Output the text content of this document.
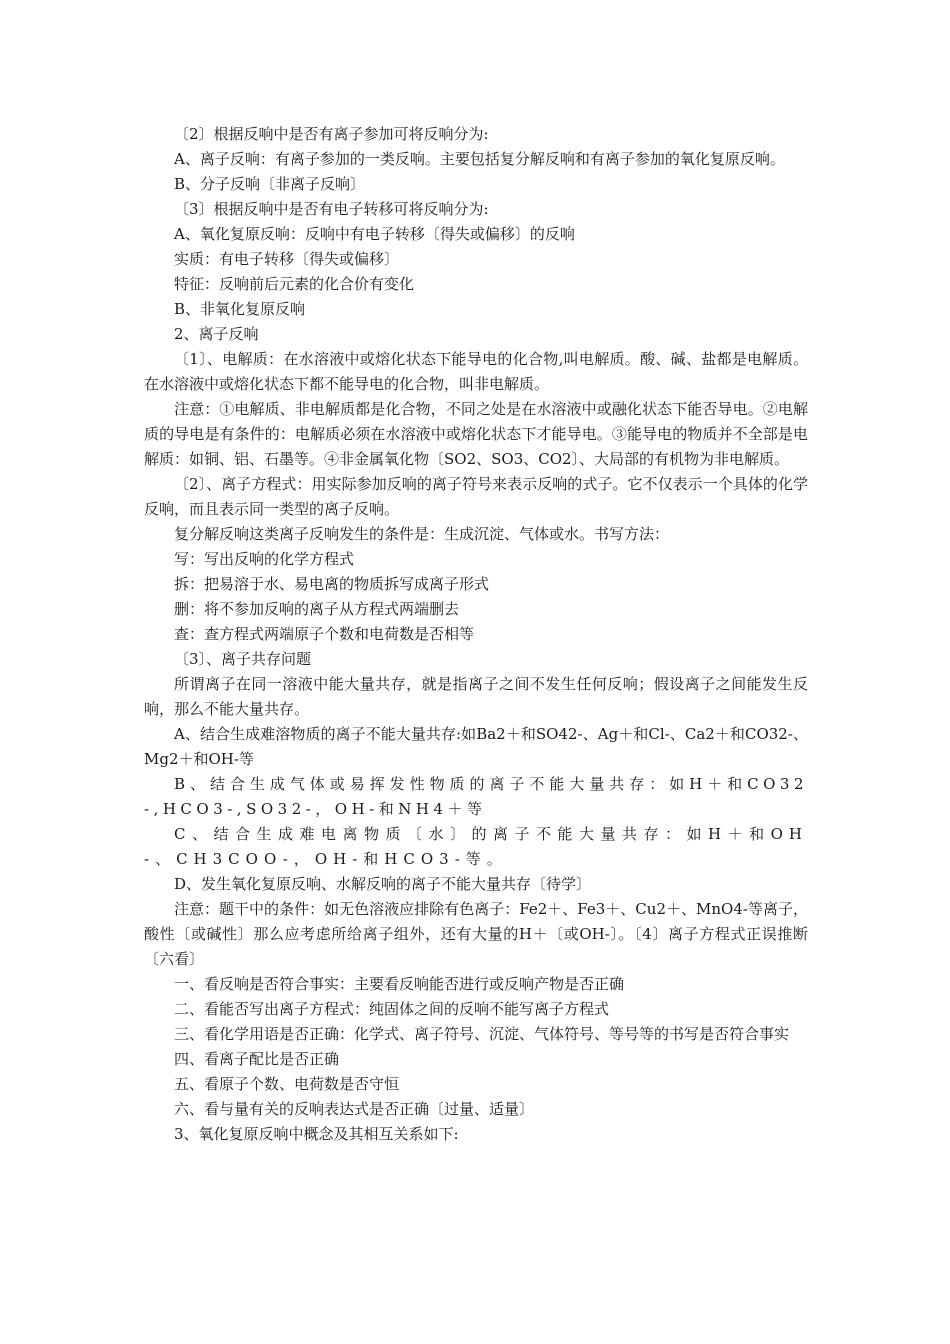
〔2〕根据反响中是否有离子参加可将反响分为:

A、离子反响：有离子参加的一类反响。主要包括复分解反响和有离子参加的氧化复原反响。

B、分子反响〔非离子反响〕

〔3〕根据反响中是否有电子转移可将反响分为:

A、氧化复原反响：反响中有电子转移〔得失或偏移〕的反响

实质：有电子转移〔得失或偏移〕

特征：反响前后元素的化合价有变化

B、非氧化复原反响

2、离子反响

〔1〕、电解质：在水溶液中或熔化状态下能导电的化合物,叫电解质。酸、碱、盐都是电解质。在水溶液中或熔化状态下都不能导电的化合物，叫非电解质。

注意：①电解质、非电解质都是化合物，不同之处是在水溶液中或融化状态下能否导电。②电解质的导电是有条件的：电解质必须在水溶液中或熔化状态下才能导电。③能导电的物质并不全部是电解质：如铜、铝、石墨等。④非金属氧化物〔SO2、SO3、CO2〕、大局部的有机物为非电解质。

〔2〕、离子方程式：用实际参加反响的离子符号来表示反响的式子。它不仅表示一个具体的化学反响，而且表示同一类型的离子反响。

复分解反响这类离子反响发生的条件是：生成沉淀、气体或水。书写方法：

写：写出反响的化学方程式

拆：把易溶于水、易电离的物质拆写成离子形式

删：将不参加反响的离子从方程式两端删去

查：查方程式两端原子个数和电荷数是否相等

〔3〕、离子共存问题

所谓离子在同一溶液中能大量共存，就是指离子之间不发生任何反响；假设离子之间能发生反响，那么不能大量共存。

A、结合生成难溶物质的离子不能大量共存:如Ba2＋和SO42-、Ag＋和Cl-、Ca2＋和CO32-、Mg2＋和OH-等

B、结合生成气体或易挥发性物质的离子不能大量共存：如H＋和CO32-,HCO3-,SO32-，OH-和NH4＋等

C、结合生成难电离物质〔水〕的离子不能大量共存：如H＋和OH-、CH3COO-，OH-和HCO3-等。

D、发生氧化复原反响、水解反响的离子不能大量共存〔待学〕

注意：题干中的条件：如无色溶液应排除有色离子：Fe2＋、Fe3＋、Cu2＋、MnO4-等离子，酸性〔或碱性〕那么应考虑所给离子组外，还有大量的H＋〔或OH-〕。〔4〕离子方程式正误推断〔六看〕

一、看反响是否符合事实：主要看反响能否进行或反响产物是否正确

二、看能否写出离子方程式：纯固体之间的反响不能写离子方程式

三、看化学用语是否正确：化学式、离子符号、沉淀、气体符号、等号等的书写是否符合事实

四、看离子配比是否正确

五、看原子个数、电荷数是否守恒

六、看与量有关的反响表达式是否正确〔过量、适量〕

3、氧化复原反响中概念及其相互关系如下:
